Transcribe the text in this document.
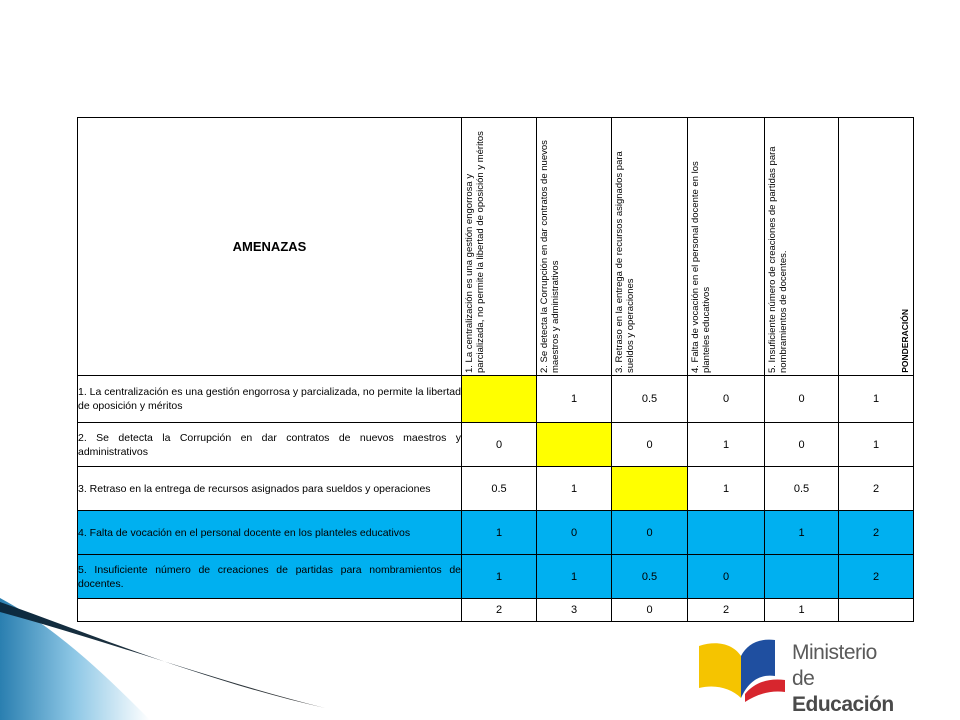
AMENAZAS	1. La centralización es una gestión engorrosa y parcializada, no permite la libertad de oposición y méritos	2. Se detecta la Corrupción en dar contratos de nuevos maestros y administrativos	3. Retraso en la entrega de recursos asignados para sueldos y operaciones	4. Falta de vocación en el personal docente en los planteles educativos	5. Insuficiente número de creaciones de partidas para nombramientos de docentes.	PONDERACIÓN

1. La centralización es una gestión engorrosa y parcializada, no permite la libertad de oposición y méritos		1	0.5	0	0	1
2. Se detecta la Corrupción en dar contratos de nuevos maestros y administrativos	0		0	1	0	1
3. Retraso en la entrega de recursos asignados para sueldos y operaciones	0.5	1		1	0.5	2
4. Falta de vocación en el personal docente en los planteles educativos	1	0	0		1	2
5. Insuficiente número de creaciones de partidas para nombramientos de docentes.	1	1	0.5	0		2
	2	3	0	2	1	
Ministerio
de Educación
